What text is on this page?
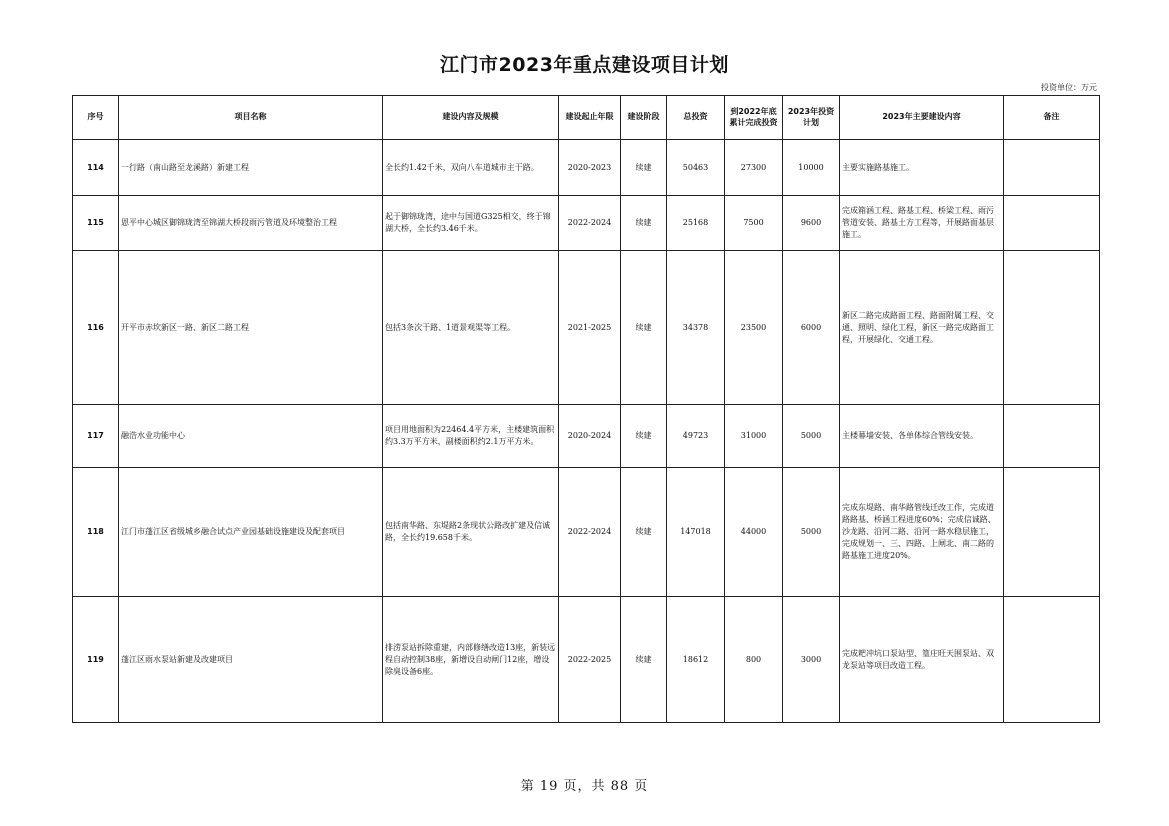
江门市2023年重点建设项目计划
投资单位：万元
序号	项目名称	建设内容及规模	建设起止年限	建设阶段	总投资	到2022年底累计完成投资	2023年投资计划	2023年主要建设内容	备注
114	一行路（南山路至龙溪路）新建工程	全长约1.42千米，双向八车道城市主干路。	2020-2023	续建	50463	27300	10000	主要实施路基施工。	
115	恩平中心城区御锦珑湾至锦湖大桥段雨污管道及环境整治工程	起于御锦珑湾，途中与国道G325相交，终于锦湖大桥，全长约3.46千米。	2022-2024	续建	25168	7500	9600	完成箱涵工程、路基工程、桥梁工程、雨污管道安装、路基土方工程等，开展路面基层施工。	
116	开平市赤坎新区一路、新区二路工程	包括3条次干路、1道景观渠等工程。	2021-2025	续建	34378	23500	6000	新区二路完成路面工程、路面附属工程、交通、照明、绿化工程，新区一路完成路面工程，开展绿化、交通工程。	
117	融浩水业功能中心	项目用地面积为22464.4平方米，主楼建筑面积约3.3万平方米，副楼面积约2.1万平方米。	2020-2024	续建	49723	31000	5000	主楼幕墙安装、各单体综合管线安装。	
118	江门市蓬江区省级城乡融合试点产业园基础设施建设及配套项目	包括南华路、东堤路2条现状公路改扩建及信诚路，全长约19.658千米。	2022-2024	续建	147018	44000	5000	完成东堤路、南华路管线迁改工作，完成道路路基、桥涵工程进度60%；完成信诚路、沙龙路、沿河二路、沿河一路水稳层施工，完成规划一、三、四路、上闸北、南二路的路基施工进度20%。	
119	蓬江区雨水泵站新建及改建项目	排涝泵站拆除重建，内部修缮改造13座，新装远程自动控制38座，新增设自动闸门12座，增设除臭设备6座。	2022-2025	续建	18612	800	3000	完成耙冲坑口泵站型、篁庄旺天围泵站、双龙泵站等项目改造工程。	
第 19 页，共 88 页
